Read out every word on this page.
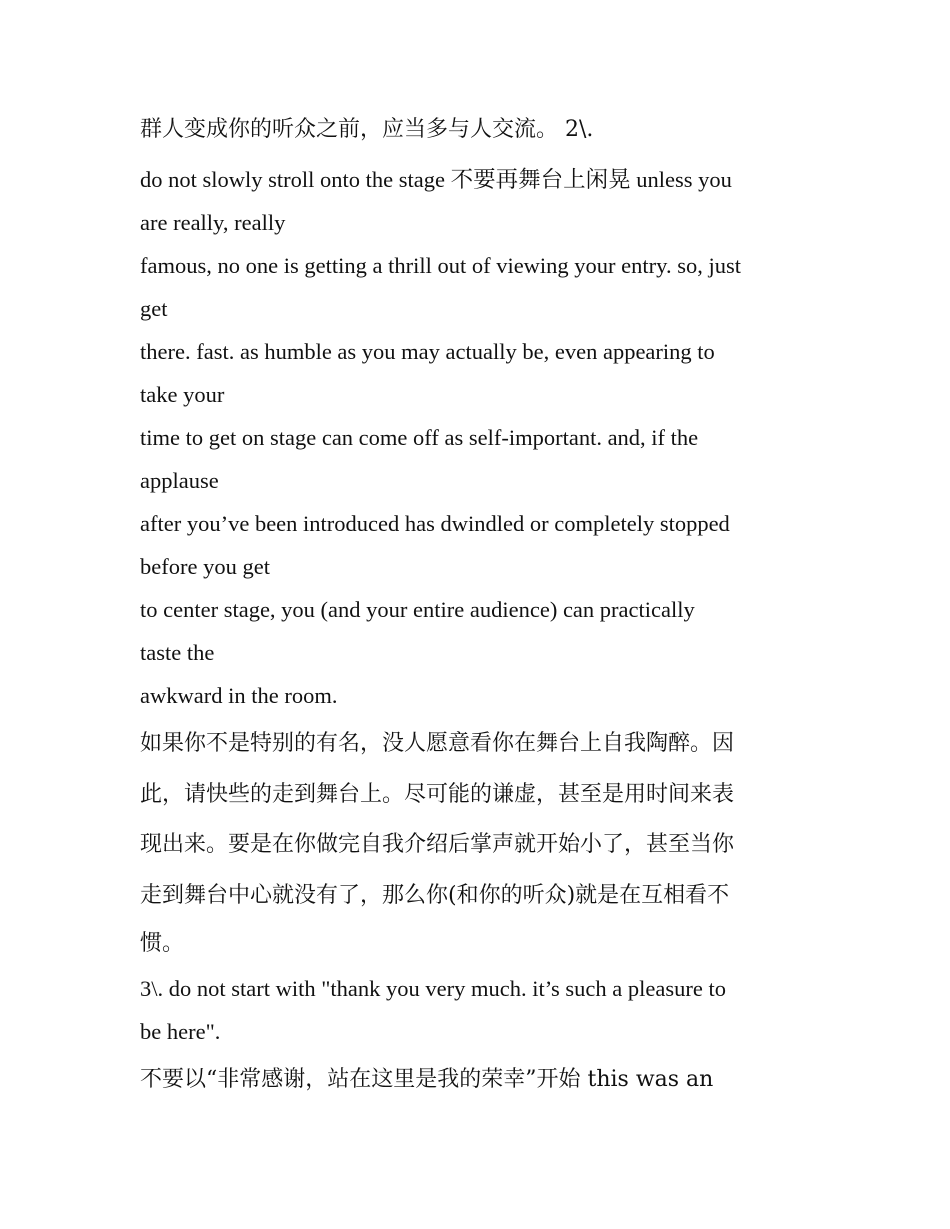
群人变成你的听众之前，应当多与人交流。 2\.
do not slowly stroll onto the stage 不要再舞台上闲晃 unless you
are really, really
famous, no one is getting a thrill out of viewing your entry. so, just
get
there. fast. as humble as you may actually be, even appearing to
take your
time to get on stage can come off as self-important. and, if the
applause
after you’ve been introduced has dwindled or completely stopped
before you get
to center stage, you (and your entire audience) can practically
taste the
awkward in the room.
如果你不是特别的有名，没人愿意看你在舞台上自我陶醉。因
此，请快些的走到舞台上。尽可能的谦虚，甚至是用时间来表
现出来。要是在你做完自我介绍后掌声就开始小了，甚至当你
走到舞台中心就没有了，那么你(和你的听众)就是在互相看不
惯。
3\. do not start with "thank you very much. it’s such a pleasure to
be here".
不要以“非常感谢，站在这里是我的荣幸”开始 this was an
